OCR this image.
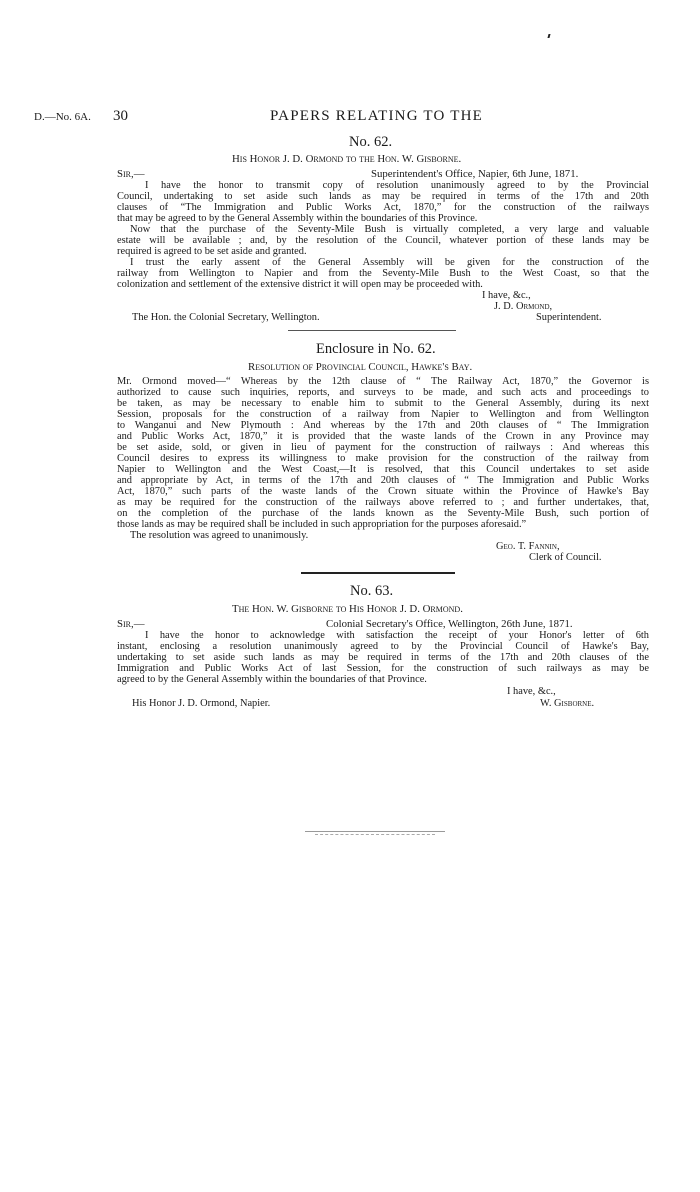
D.—No. 6A. 30	PAPERS RELATING TO THE
No. 62.
His Honor J. D. Ormond to the Hon. W. Gisborne.
Sir,—	Superintendent's Office, Napier, 6th June, 1871.
I have the honor to transmit copy of resolution unanimously agreed to by the Provincial
Council, undertaking to set aside such lands as may be required in terms of the 17th and 20th
clauses of “The Immigration and Public Works Act, 1870,” for the construction of the railways
that may be agreed to by the General Assembly within the boundaries of this Province.
Now that the purchase of the Seventy-Mile Bush is virtually completed, a very large and valuable
estate will be available ; and, by the resolution of the Council, whatever portion of these lands may be
required is agreed to be set aside and granted.
I trust the early assent of the General Assembly will be given for the construction of the
railway from Wellington to Napier and from the Seventy-Mile Bush to the West Coast, so that the
colonization and settlement of the extensive district it will open may be proceeded with.
I have, &c.,
J. D. Ormond,
The Hon. the Colonial Secretary, Wellington.	Superintendent.
Enclosure in No. 62.
Resolution of Provincial Council, Hawke's Bay.
Mr. Ormond moved—“ Whereas by the 12th clause of “ The Railway Act, 1870,” the Governor is
authorized to cause such inquiries, reports, and surveys to be made, and such acts and proceedings to
be taken, as may be necessary to enable him to submit to the General Assembly, during its next
Session, proposals for the construction of a railway from Napier to Wellington and from Wellington
to Wanganui and New Plymouth : And whereas by the 17th and 20th clauses of “ The Immigration
and Public Works Act, 1870,” it is provided that the waste lands of the Crown in any Province may
be set aside, sold, or given in lieu of payment for the construction of railways : And whereas this
Council desires to express its willingness to make provision for the construction of the railway from
Napier to Wellington and the West Coast,—It is resolved, that this Council undertakes to set aside
and appropriate by Act, in terms of the 17th and 20th clauses of “ The Immigration and Public Works
Act, 1870,” such parts of the waste lands of the Crown situate within the Province of Hawke's Bay
as may be required for the construction of the railways above referred to ; and further undertakes, that,
on the completion of the purchase of the lands known as the Seventy-Mile Bush, such portion of
those lands as may be required shall be included in such appropriation for the purposes aforesaid.”
The resolution was agreed to unanimously.
Geo. T. Fannin,
Clerk of Council.
No. 63.
The Hon. W. Gisborne to His Honor J. D. Ormond.
Sir,—	Colonial Secretary's Office, Wellington, 26th June, 1871.
I have the honor to acknowledge with satisfaction the receipt of your Honor's letter of 6th
instant, enclosing a resolution unanimously agreed to by the Provincial Council of Hawke's Bay,
undertaking to set aside such lands as may be required in terms of the 17th and 20th clauses of the
Immigration and Public Works Act of last Session, for the construction of such railways as may be
agreed to by the General Assembly within the boundaries of that Province.
I have, &c.,
His Honor J. D. Ormond, Napier.	W. Gisborne.
